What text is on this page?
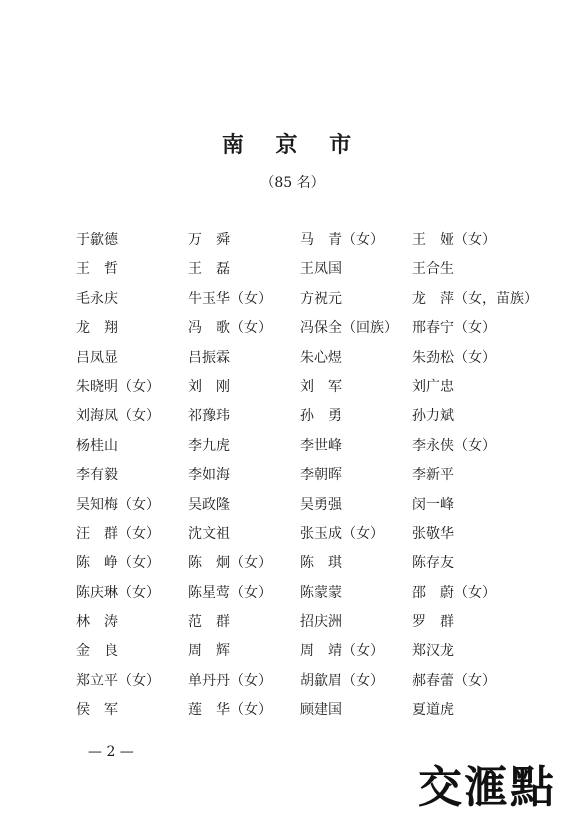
南 京 市
（85 名）
于歙德	万　舜	马　青（女）	王　娅（女）
王　哲	王　磊	王凤国	王合生
毛永庆	牛玉华（女）	方祝元	龙　萍（女，苗族）
龙　翔	冯　歌（女）	冯保全（回族）	邢春宁（女）
吕凤显	吕振霖	朱心煜	朱劲松（女）
朱晓明（女）	刘　刚	刘　军	刘广忠
刘海凤（女）	祁豫玮	孙　勇	孙力斌
杨桂山	李九虎	李世峰	李永侠（女）
李有毅	李如海	李朝晖	李新平
吴知梅（女）	吴政隆	吴勇强	闵一峰
汪　群（女）	沈文祖	张玉成（女）	张敬华
陈　峥（女）	陈　炯（女）	陈　琪	陈存友
陈庆琳（女）	陈星莺（女）	陈蒙蒙	邵　蔚（女）
林　涛	范　群	招庆洲	罗　群
金　良	周　辉	周　靖（女）	郑汉龙
郑立平（女）	单丹丹（女）	胡歙眉（女）	郝春蕾（女）
侯　军	莲　华（女）	顾建国	夏道虎
— 2 —
交滙點
